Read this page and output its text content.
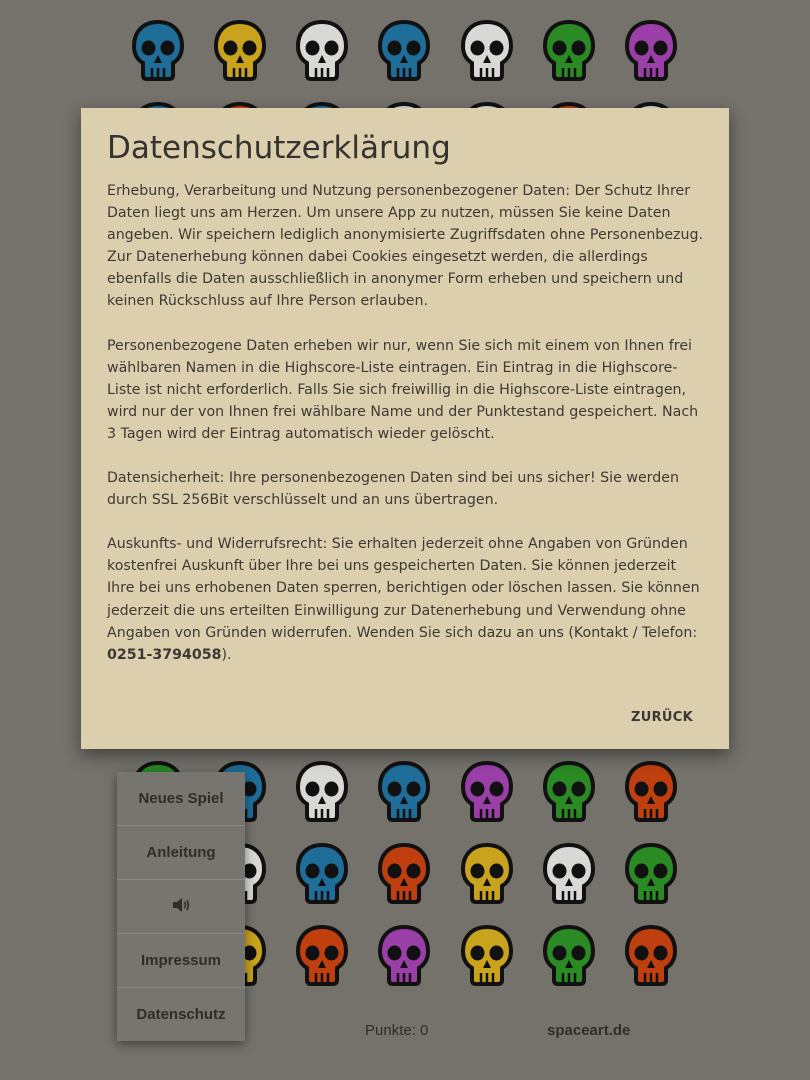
Datenschutzerklärung

Erhebung, Verarbeitung und Nutzung personenbezogener Daten: Der Schutz Ihrer Daten liegt uns am Herzen. Um unsere App zu nutzen, müssen Sie keine Daten angeben. Wir speichern lediglich anonymisierte Zugriffsdaten ohne Personenbezug. Zur Datenerhebung können dabei Cookies eingesetzt werden, die allerdings ebenfalls die Daten ausschließlich in anonymer Form erheben und speichern und keinen Rückschluss auf Ihre Person erlauben.

Personenbezogene Daten erheben wir nur, wenn Sie sich mit einem von Ihnen frei wählbaren Namen in die Highscore-Liste eintragen. Ein Eintrag in die Highscore-Liste ist nicht erforderlich. Falls Sie sich freiwillig in die Highscore-Liste eintragen, wird nur der von Ihnen frei wählbare Name und der Punktestand gespeichert. Nach 3 Tagen wird der Eintrag automatisch wieder gelöscht.

Datensicherheit: Ihre personenbezogenen Daten sind bei uns sicher! Sie werden durch SSL 256Bit verschlüsselt und an uns übertragen.

Auskunfts- und Widerrufsrecht: Sie erhalten jederzeit ohne Angaben von Gründen kostenfrei Auskunft über Ihre bei uns gespeicherten Daten. Sie können jederzeit Ihre bei uns erhobenen Daten sperren, berichtigen oder löschen lassen. Sie können jederzeit die uns erteilten Einwilligung zur Datenerhebung und Verwendung ohne Angaben von Gründen widerrufen. Wenden Sie sich dazu an uns (Kontakt / Telefon: 0251-3794058).

ZURÜCK
Neues Spiel
Anleitung
Impressum
Datenschutz
Punkte: 0	spaceart.de
